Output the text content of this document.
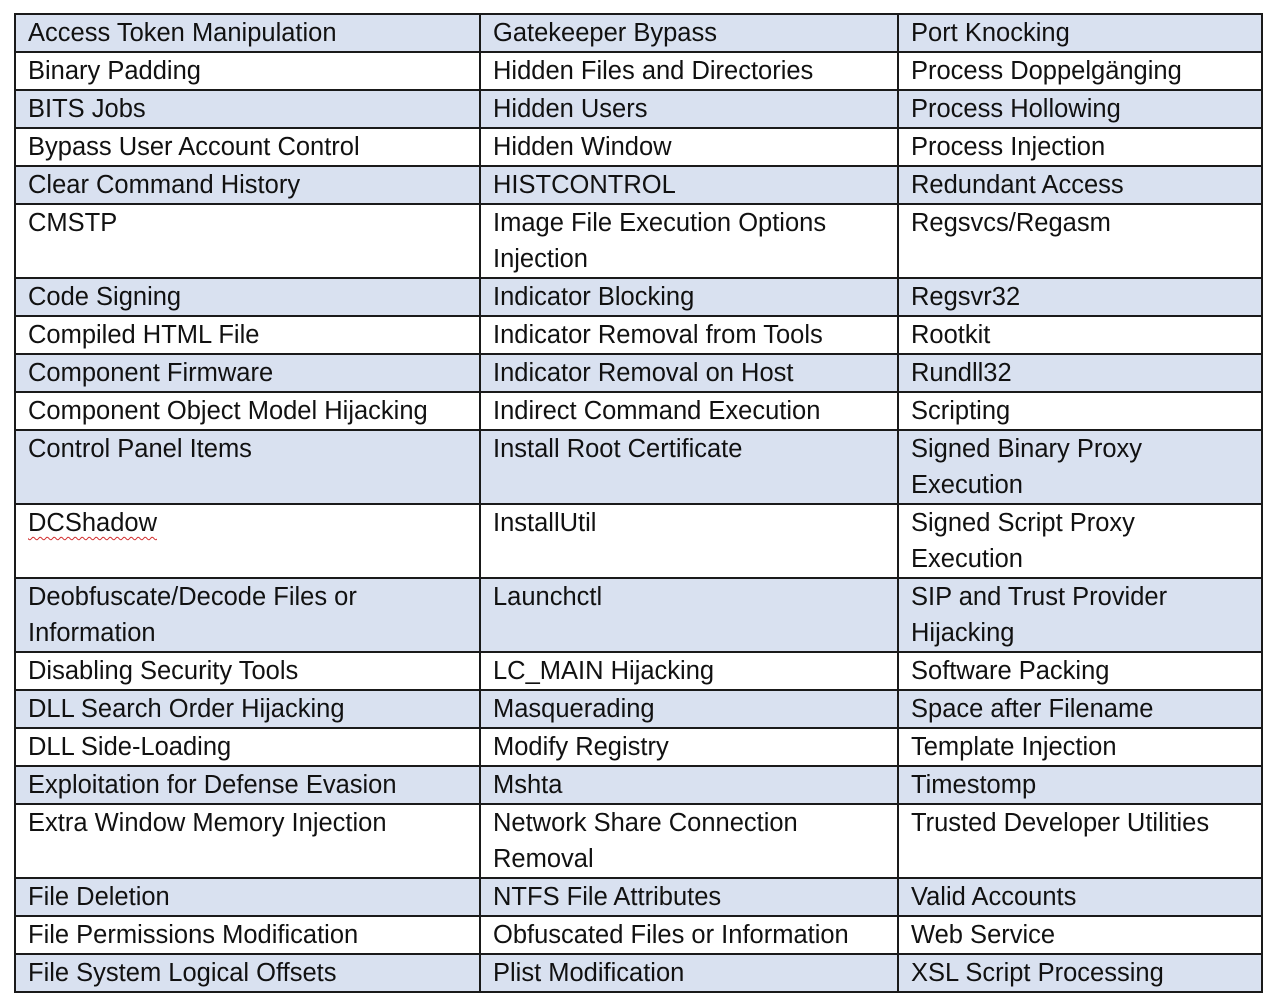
Access Token Manipulation	Gatekeeper Bypass	Port Knocking
Binary Padding	Hidden Files and Directories	Process Doppelgänging
BITS Jobs	Hidden Users	Process Hollowing
Bypass User Account Control	Hidden Window	Process Injection
Clear Command History	HISTCONTROL	Redundant Access
CMSTP	Image File Execution Options Injection	Regsvcs/Regasm
Code Signing	Indicator Blocking	Regsvr32
Compiled HTML File	Indicator Removal from Tools	Rootkit
Component Firmware	Indicator Removal on Host	Rundll32
Component Object Model Hijacking	Indirect Command Execution	Scripting
Control Panel Items	Install Root Certificate	Signed Binary Proxy Execution
DCShadow	InstallUtil	Signed Script Proxy Execution
Deobfuscate/Decode Files or Information	Launchctl	SIP and Trust Provider Hijacking
Disabling Security Tools	LC_MAIN Hijacking	Software Packing
DLL Search Order Hijacking	Masquerading	Space after Filename
DLL Side-Loading	Modify Registry	Template Injection
Exploitation for Defense Evasion	Mshta	Timestomp
Extra Window Memory Injection	Network Share Connection Removal	Trusted Developer Utilities
File Deletion	NTFS File Attributes	Valid Accounts
File Permissions Modification	Obfuscated Files or Information	Web Service
File System Logical Offsets	Plist Modification	XSL Script Processing
